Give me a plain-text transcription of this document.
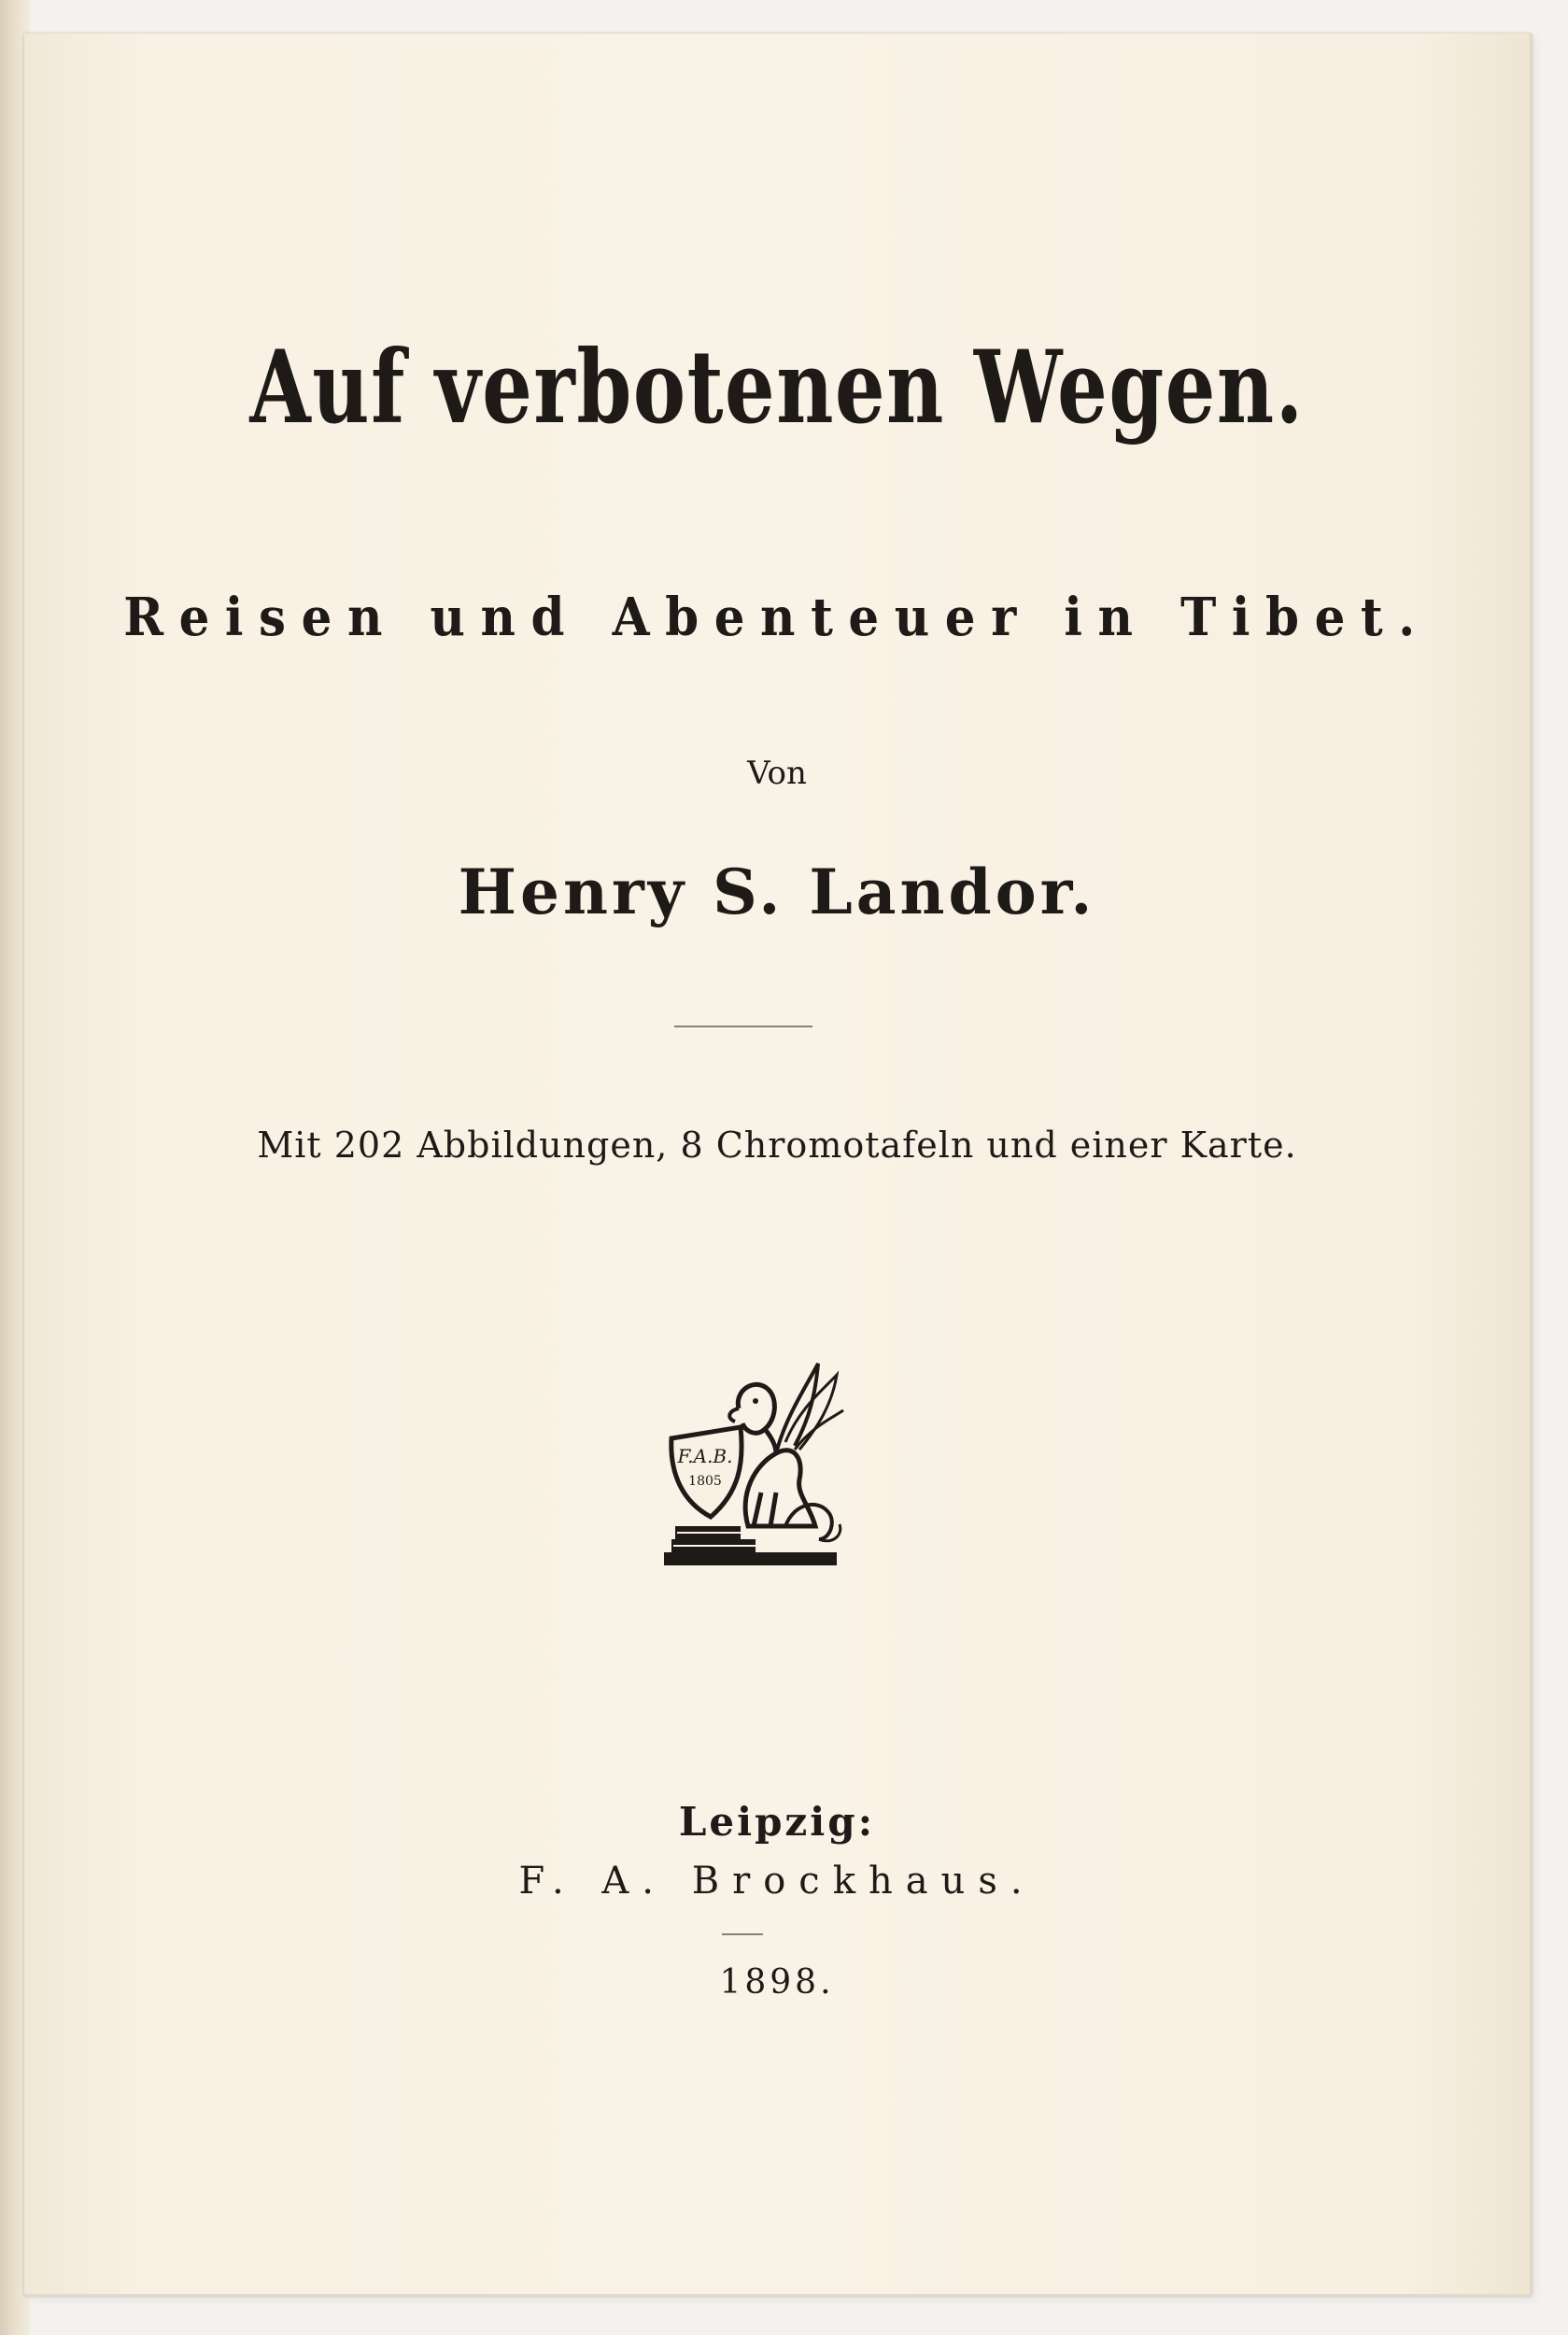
Auf verbotenen Wegen.
Reisen und Abenteuer in Tibet.
Von
Henry S. Landor.
Mit 202 Abbildungen, 8 Chromotafeln und einer Karte.
F.A.B.
1805
Leipzig:
F. A. Brockhaus.
1898.
